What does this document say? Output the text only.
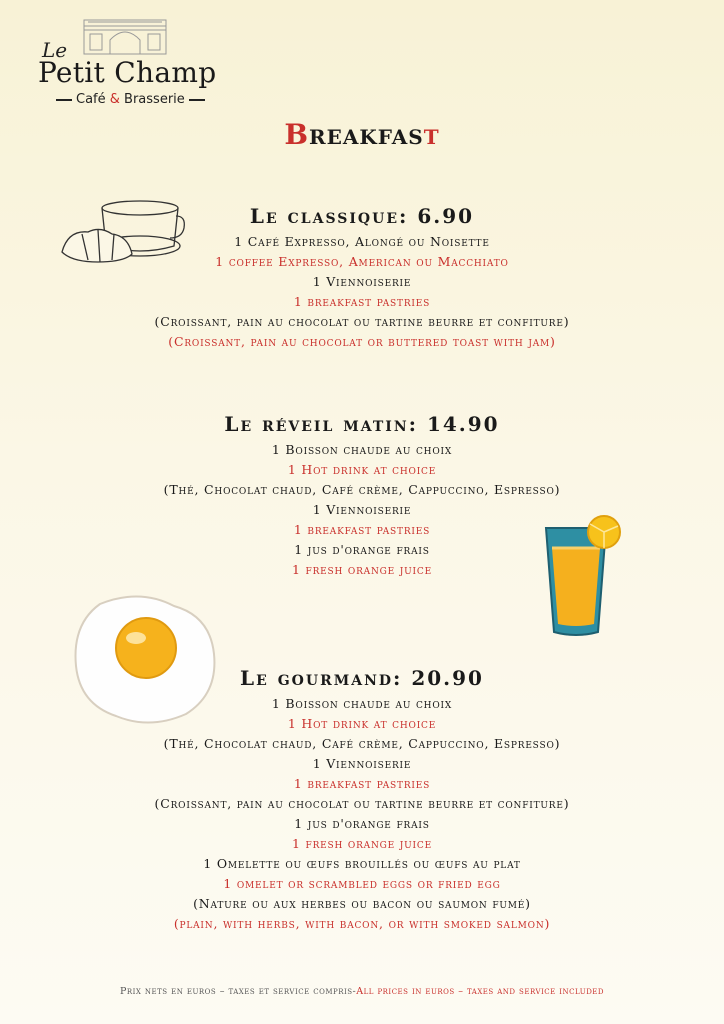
Le
Petit Champ
Café & Brasserie
Breakfast
Le classique: 6.90
1 Café Expresso, Alongé ou Noisette
1 coffee Expresso, American ou Macchiato
1 Viennoiserie
1 breakfast pastries
(Croissant, pain au chocolat ou tartine beurre et confiture)
(Croissant, pain au chocolat or buttered toast with jam)
Le réveil matin: 14.90
1 Boisson chaude au choix
1 Hot drink at choice
(Thé, Chocolat chaud, Café crème, Cappuccino, Espresso)
1 Viennoiserie
1 breakfast pastries
1 jus d'orange frais
1 fresh orange juice
Le gourmand: 20.90
1 Boisson chaude au choix
1 Hot drink at choice
(Thé, Chocolat chaud, Café crème, Cappuccino, Espresso)
1 Viennoiserie
1 breakfast pastries
(Croissant, pain au chocolat ou tartine beurre et confiture)
1 jus d'orange frais
1 fresh orange juice
1 Omelette ou œufs brouillés ou œufs au plat
1 omelet or scrambled eggs or fried egg
(Nature ou aux herbes ou bacon ou saumon fumé)
(plain, with herbs, with bacon, or with smoked salmon)
Prix nets en euros – taxes et service compris-All prices in euros – taxes and service included
